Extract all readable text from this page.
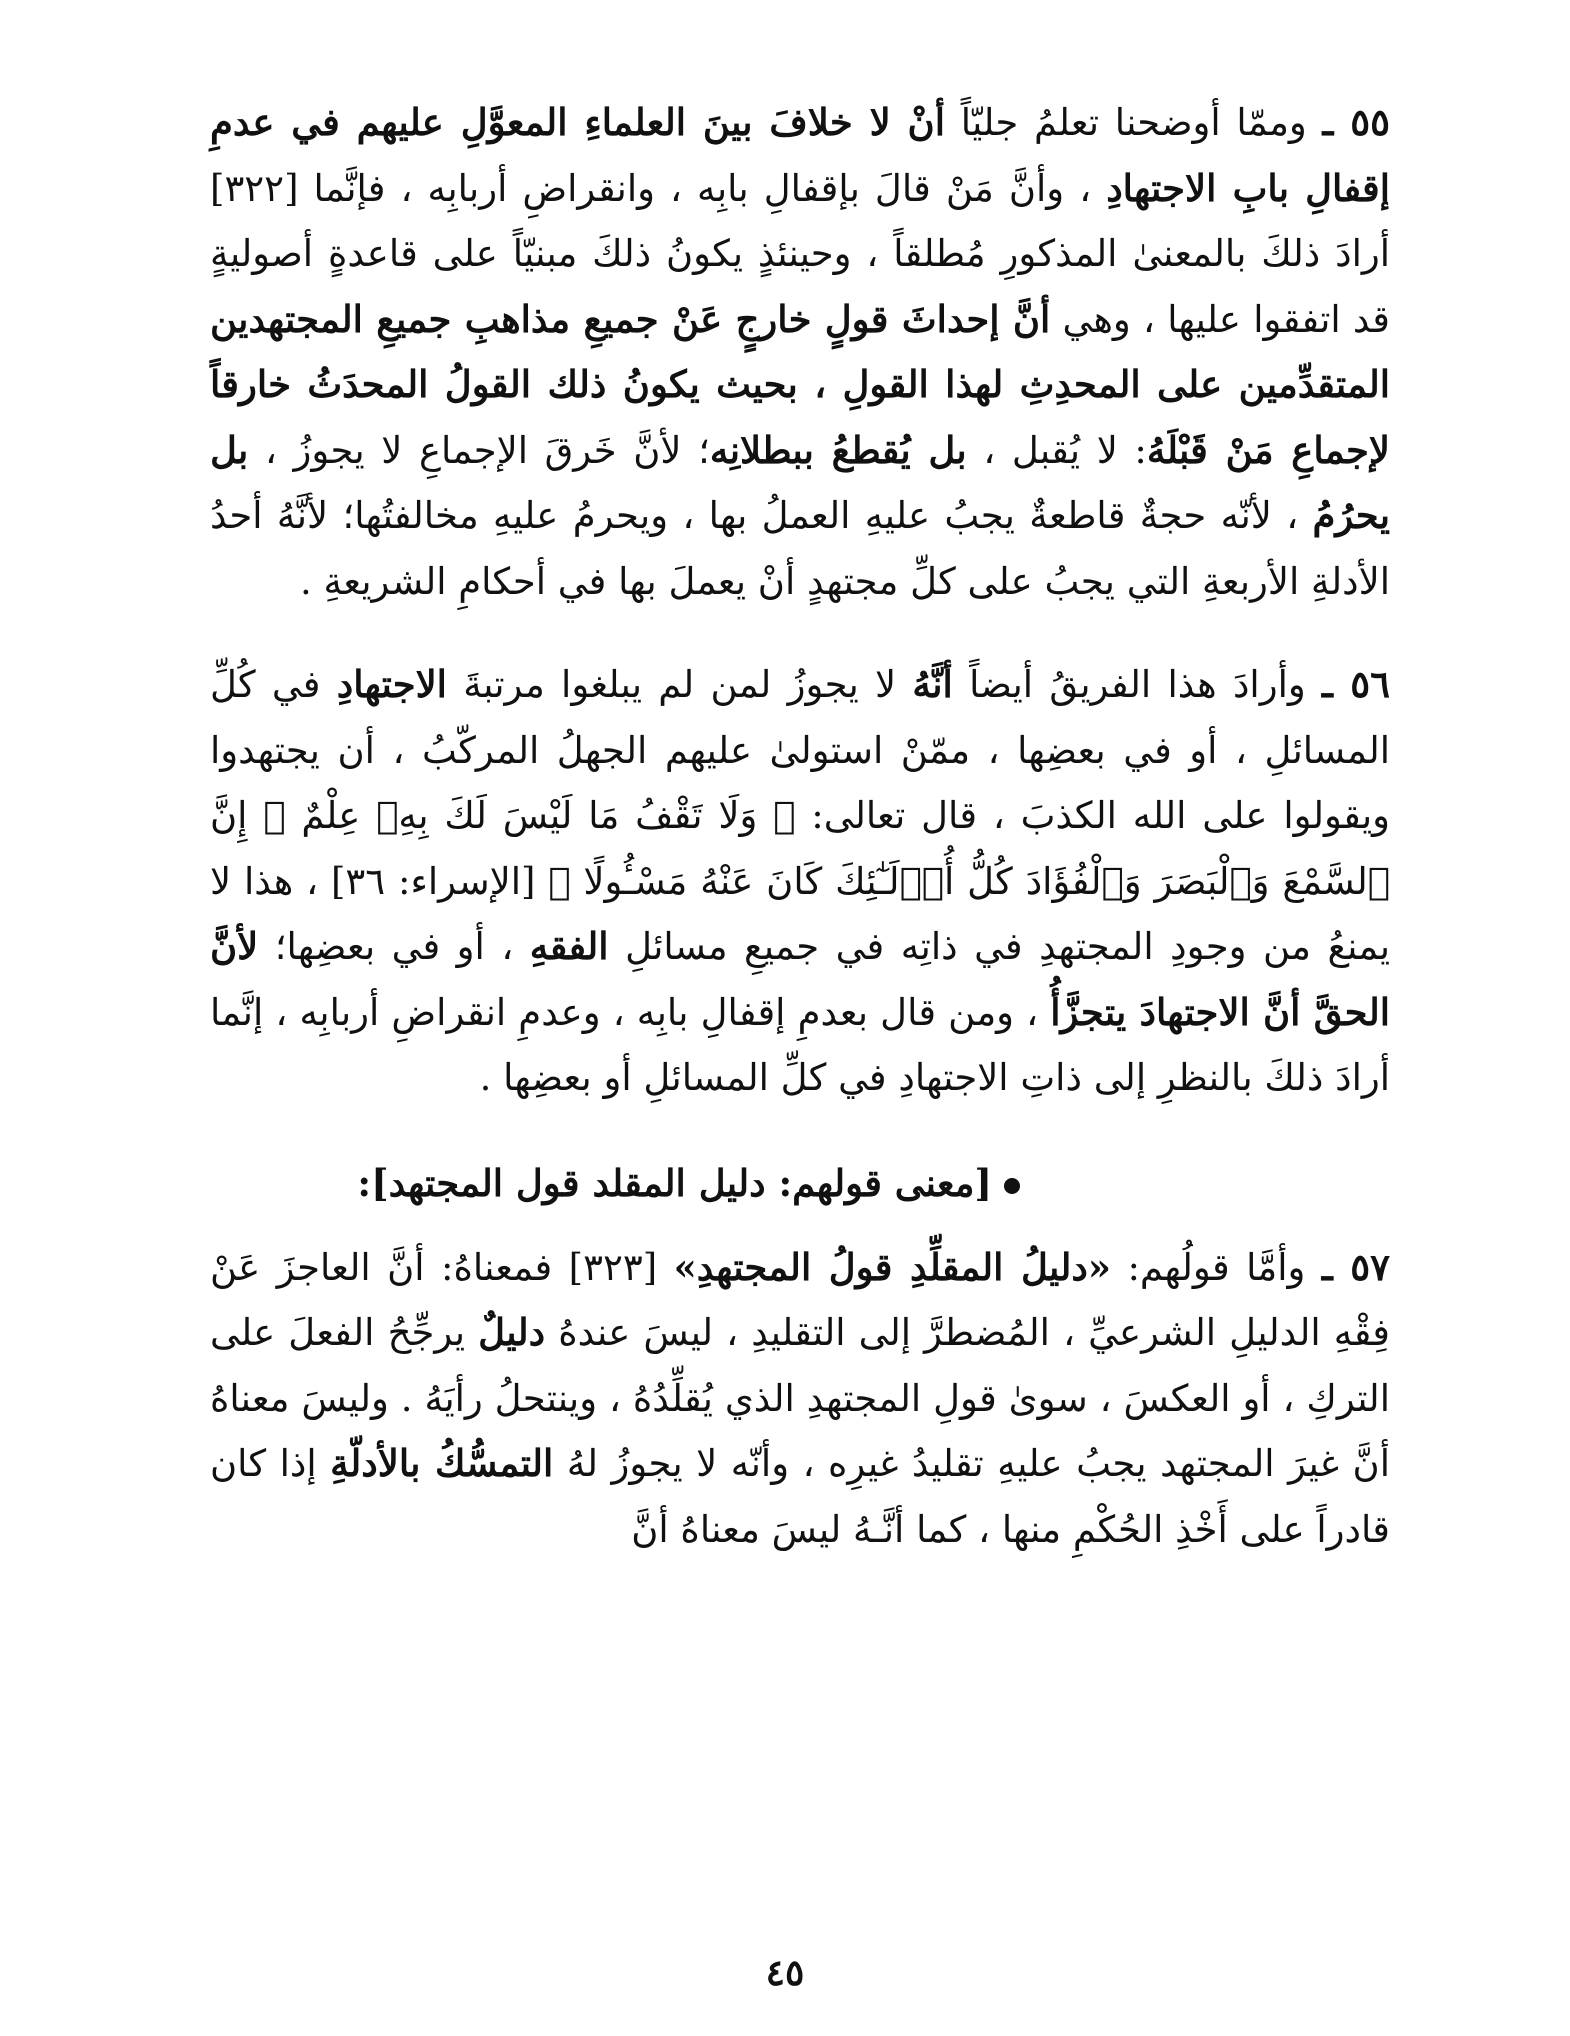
٥٥ ـ وممّا أوضحنا تعلمُ جليّاً أنْ لا خلافَ بينَ العلماءِ المعوَّلِ عليهم في عدمِ إقفالِ بابِ الاجتهادِ ، وأنَّ مَنْ قالَ بإقفالِ بابِه ، وانقراضِ أربابِه ، فإنَّما [٣٢٢] أرادَ ذلكَ بالمعنىٰ المذكورِ مُطلقاً ، وحينئذٍ يكونُ ذلكَ مبنيّاً على قاعدةٍ أصوليةٍ قد اتفقوا عليها ، وهي أنَّ إحداثَ قولٍ خارجٍ عَنْ جميعِ مذاهبِ جميعِ المجتهدين المتقدِّمين على المحدِثِ لهذا القولِ ، بحيث يكونُ ذلك القولُ المحدَثُ خارقاً لإجماعِ مَنْ قَبْلَهُ: لا يُقبل ، بل يُقطعُ ببطلانِه؛ لأنَّ خَرقَ الإجماعِ لا يجوزُ ، بل يحرُمُ ، لأنّه حجةٌ قاطعةٌ يجبُ عليهِ العملُ بها ، ويحرمُ عليهِ مخالفتُها؛ لأنَّهُ أحدُ الأدلةِ الأربعةِ التي يجبُ على كلِّ مجتهدٍ أنْ يعملَ بها في أحكامِ الشريعةِ .

٥٦ ـ وأرادَ هذا الفريقُ أيضاً أنَّهُ لا يجوزُ لمن لم يبلغوا مرتبةَ الاجتهادِ في كُلِّ المسائلِ ، أو في بعضِها ، ممّنْ استولىٰ عليهم الجهلُ المركّبُ ، أن يجتهدوا ويقولوا على الله الكذبَ ، قال تعالى: ﴿ وَلَا تَقْفُ مَا لَيْسَ لَكَ بِهِۦ عِلْمٌ ۚ إِنَّ ٱلسَّمْعَ وَٱلْبَصَرَ وَٱلْفُؤَادَ كُلُّ أُو۟لَـٰٓئِكَ كَانَ عَنْهُ مَسْـُٔولًا ﴾ [الإسراء: ٣٦] ، هذا لا يمنعُ من وجودِ المجتهدِ في ذاتِه في جميعِ مسائلِ الفقهِ ، أو في بعضِها؛ لأنَّ الحقَّ أنَّ الاجتهادَ يتجزَّأُ ، ومن قال بعدمِ إقفالِ بابِه ، وعدمِ انقراضِ أربابِه ، إنَّما أرادَ ذلكَ بالنظرِ إلى ذاتِ الاجتهادِ في كلِّ المسائلِ أو بعضِها .

[معنى قولهم: دليل المقلد قول المجتهد]:

٥٧ ـ وأمَّا قولُهم: «دليلُ المقلِّدِ قولُ المجتهدِ» [٣٢٣] فمعناهُ: أنَّ العاجزَ عَنْ فِقْهِ الدليلِ الشرعيِّ ، المُضطرَّ إلى التقليدِ ، ليسَ عندهُ دليلٌ يرجِّحُ الفعلَ على التركِ ، أو العكسَ ، سوىٰ قولِ المجتهدِ الذي يُقلِّدُهُ ، وينتحلُ رأيَهُ . وليسَ معناهُ أنَّ غيرَ المجتهد يجبُ عليهِ تقليدُ غيرِه ، وأنّه لا يجوزُ لهُ التمسُّكُ بالأدلّةِ إذا كان قادراً على أَخْذِ الحُكْمِ منها ، كما أنَّـهُ ليسَ معناهُ أنَّ

٤٥
